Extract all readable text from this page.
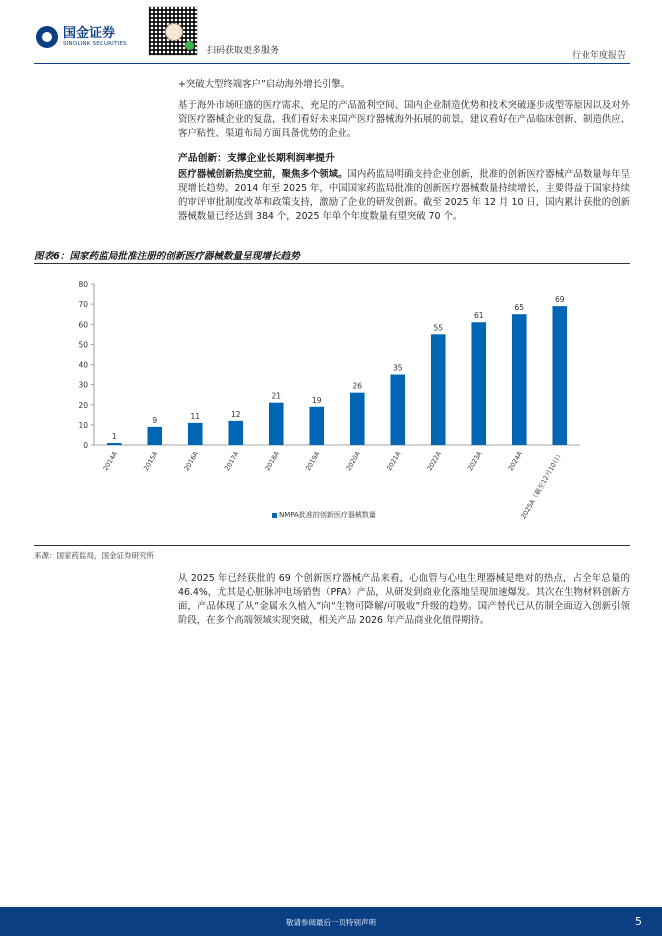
国金证券
SINOLINK SECURITIES
扫码获取更多服务	行业年度报告
+突破大型终端客户”启动海外增长引擎。
基于海外市场旺盛的医疗需求、充足的产品盈利空间、国内企业制造优势和技术突破逐步成型等原因以及对外资医疗器械企业的复盘，我们看好未来国产医疗器械海外拓展的前景，建议看好在产品临床创新、制造供应、客户粘性、渠道布局方面具备优势的企业。
产品创新：支撑企业长期利润率提升
医疗器械创新热度空前，聚焦多个领域。国内药监局明确支持企业创新，批准的创新医疗器械产品数量每年呈现增长趋势。2014 年至 2025 年，中国国家药监局批准的创新医疗器械数量持续增长，主要得益于国家持续的审评审批制度改革和政策支持，激励了企业的研发创新。截至 2025 年 12 月 10 日，国内累计获批的创新器械数量已经达到 384 个，2025 年单个年度数量有望突破 70 个。
图表6：国家药监局批准注册的创新医疗器械数量呈现增长趋势
0
10
20
30
40
50
60
70
80
1
2014A
9
2015A
11
2016A
12
2017A
21
2018A
19
2019A
26
2020A
35
2021A
55
2022A
61
2023A
65
2024A
69
2025A（截至12月10日）
NMPA批准的创新医疗器械数量
来源：国家药监局，国金证券研究所
从 2025 年已经获批的 69 个创新医疗器械产品来看，心血管与心电生理器械是绝对的热点，占全年总量的 46.4%，尤其是心脏脉冲电场销售（PFA）产品，从研发到商业化落地呈现加速爆发。其次在生物材料创新方面，产品体现了从“金属永久植入”向“生物可降解/可吸收”升级的趋势。国产替代已从仿制全面迈入创新引领阶段，在多个高端领域实现突破，相关产品 2026 年产品商业化值得期待。
敬请参阅最后一页特别声明	5
